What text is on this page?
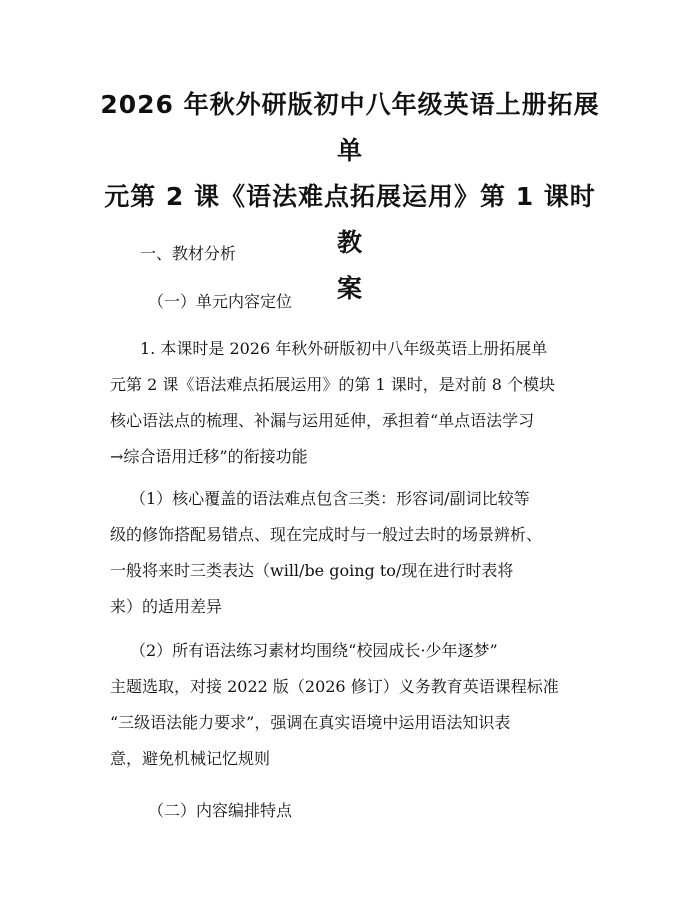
2026 年秋外研版初中八年级英语上册拓展单
元第 2 课《语法难点拓展运用》第 1 课时教
案

一、教材分析

（一）单元内容定位

1. 本课时是 2026 年秋外研版初中八年级英语上册拓展单
元第 2 课《语法难点拓展运用》的第 1 课时，是对前 8 个模块
核心语法点的梳理、补漏与运用延伸，承担着“单点语法学习
→综合语用迁移”的衔接功能

（1）核心覆盖的语法难点包含三类：形容词/副词比较等
级的修饰搭配易错点、现在完成时与一般过去时的场景辨析、
一般将来时三类表达（will/be going to/现在进行时表将
来）的适用差异

（2）所有语法练习素材均围绕“校园成长·少年逐梦”
主题选取，对接 2022 版（2026 修订）义务教育英语课程标准
“三级语法能力要求”，强调在真实语境中运用语法知识表
意，避免机械记忆规则

（二）内容编排特点
